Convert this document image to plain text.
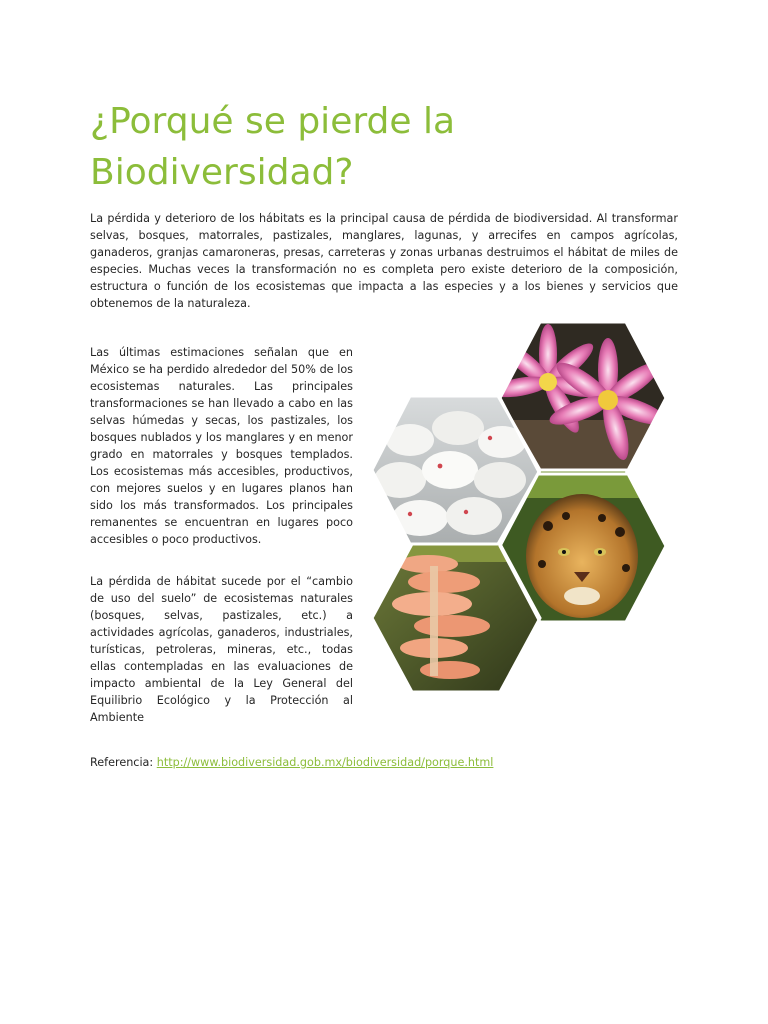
¿Porqué se pierde la
Biodiversidad?

La pérdida y deterioro de los hábitats es la principal causa de pérdida de biodiversidad. Al transformar selvas, bosques, matorrales, pastizales, manglares, lagunas, y arrecifes en campos agrícolas, ganaderos, granjas camaroneras, presas, carreteras y zonas urbanas destruimos el hábitat de miles de especies. Muchas veces la transformación no es completa pero existe deterioro de la composición, estructura o función de los ecosistemas que impacta a las especies y a los bienes y servicios que obtenemos de la naturaleza.

Las últimas estimaciones señalan que en México se ha perdido alrededor del 50% de los ecosistemas naturales. Las principales transformaciones se han llevado a cabo en las selvas húmedas y secas, los pastizales, los bosques nublados y los manglares y en menor grado en matorrales y bosques templados. Los ecosistemas más accesibles, productivos, con mejores suelos y en lugares planos han sido los más transformados. Los principales remanentes se encuentran en lugares poco accesibles o poco productivos.

La pérdida de hábitat sucede por el “cambio de uso del suelo” de ecosistemas naturales (bosques, selvas, pastizales, etc.) a actividades agrícolas, ganaderos, industriales, turísticas, petroleras, mineras, etc., todas ellas contempladas en las evaluaciones de impacto ambiental de la Ley General del Equilibrio Ecológico y la Protección al Ambiente

Referencia: http://www.biodiversidad.gob.mx/biodiversidad/porque.html
